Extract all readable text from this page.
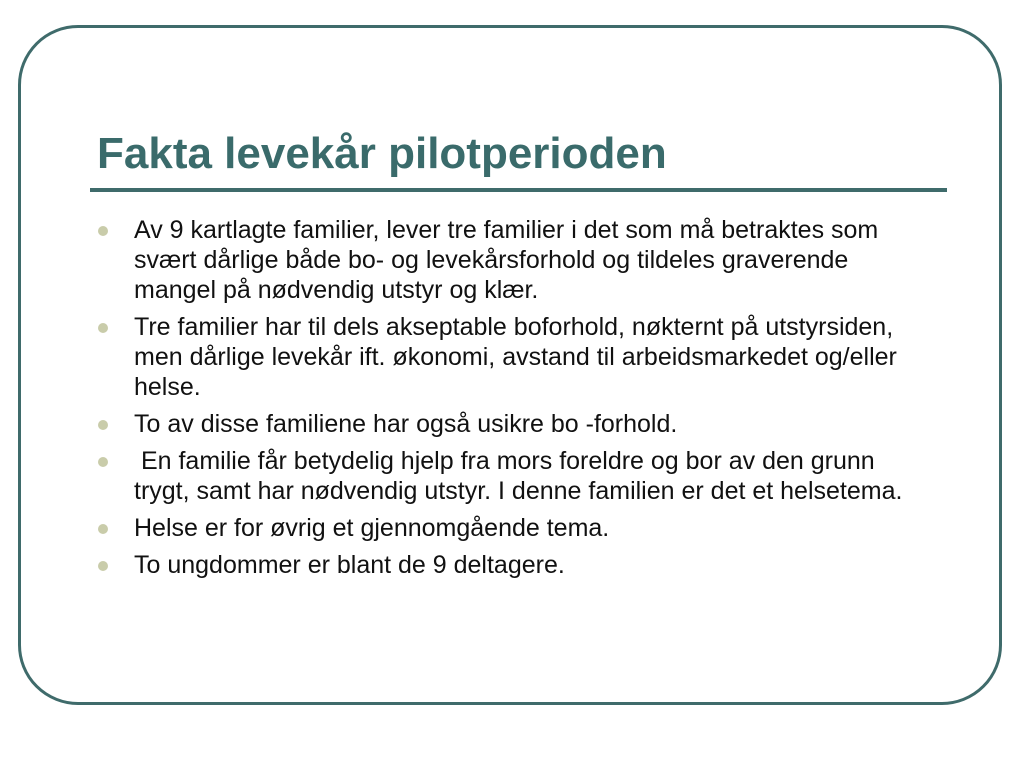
Fakta levekår pilotperioden
Av 9 kartlagte familier, lever tre familier i det som må betraktes som svært dårlige både bo- og levekårsforhold og tildeles graverende mangel på nødvendig utstyr og klær.
Tre familier har til dels akseptable boforhold, nøkternt på utstyrsiden, men dårlige levekår ift. økonomi, avstand til arbeidsmarkedet og/eller helse.
To av disse familiene har også usikre bo -forhold.
En familie får betydelig hjelp fra mors foreldre og bor av den grunn trygt, samt har nødvendig utstyr. I denne familien er det et helsetema.
Helse er for øvrig et gjennomgående tema.
To ungdommer er blant de 9 deltagere.
